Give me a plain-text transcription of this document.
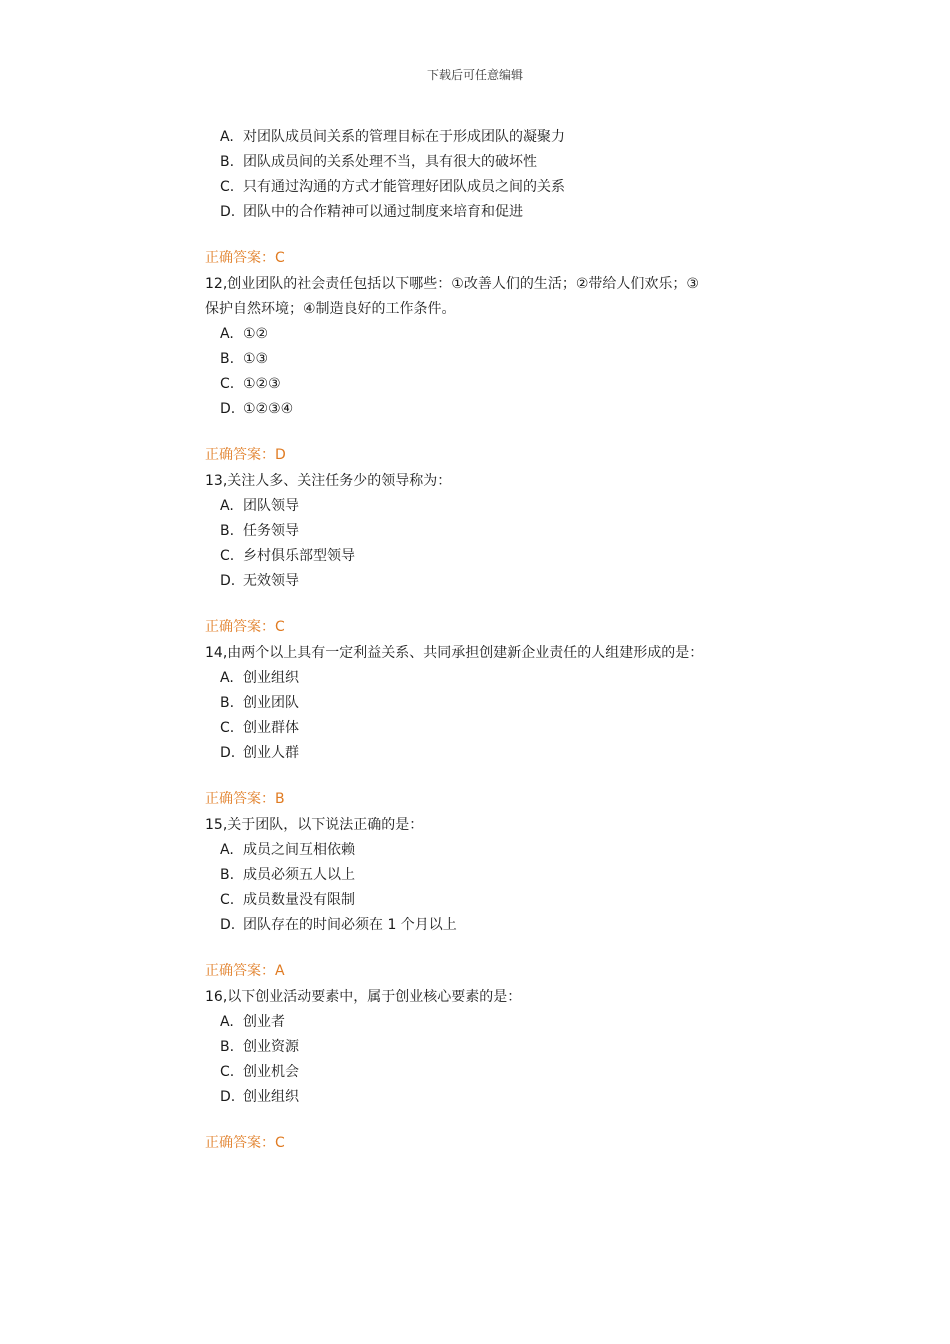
下载后可任意编辑
A. 对团队成员间关系的管理目标在于形成团队的凝聚力
B. 团队成员间的关系处理不当，具有很大的破坏性
C. 只有通过沟通的方式才能管理好团队成员之间的关系
D. 团队中的合作精神可以通过制度来培育和促进
正确答案：C
12,创业团队的社会责任包括以下哪些：①改善人们的生活；②带给人们欢乐；③保护自然环境；④制造良好的工作条件。
A. ①②
B. ①③
C. ①②③
D. ①②③④
正确答案：D
13,关注人多、关注任务少的领导称为：
A. 团队领导
B. 任务领导
C. 乡村俱乐部型领导
D. 无效领导
正确答案：C
14,由两个以上具有一定利益关系、共同承担创建新企业责任的人组建形成的是：
A. 创业组织
B. 创业团队
C. 创业群体
D. 创业人群
正确答案：B
15,关于团队，以下说法正确的是：
A. 成员之间互相依赖
B. 成员必须五人以上
C. 成员数量没有限制
D. 团队存在的时间必须在 1 个月以上
正确答案：A
16,以下创业活动要素中，属于创业核心要素的是：
A. 创业者
B. 创业资源
C. 创业机会
D. 创业组织
正确答案：C
